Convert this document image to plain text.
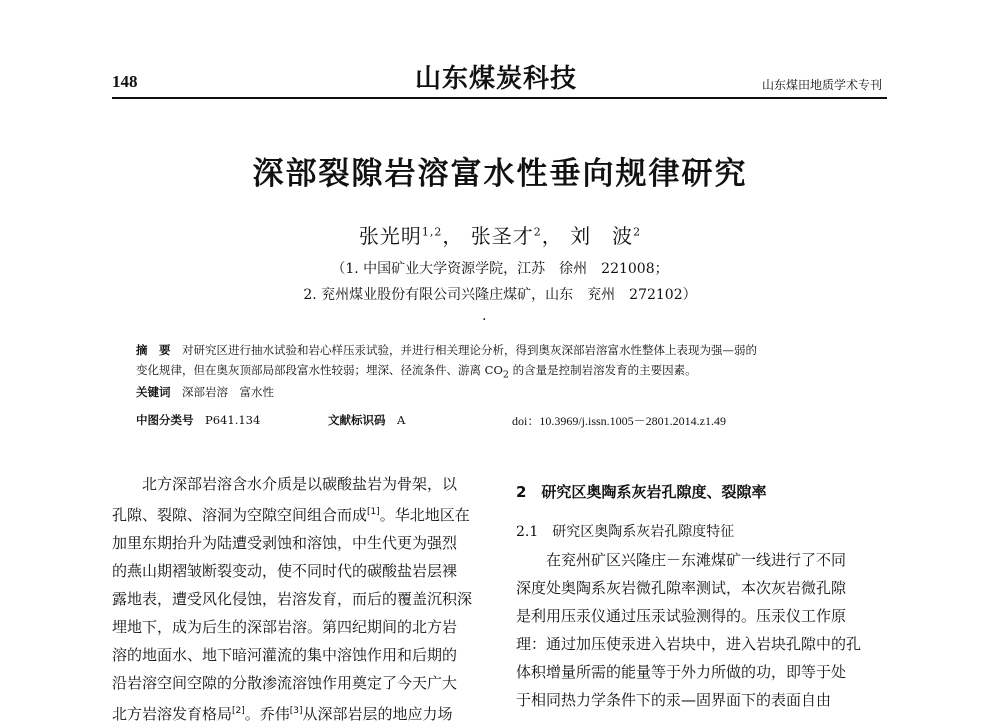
148	山东煤炭科技	山东煤田地质学术专刊
深部裂隙岩溶富水性垂向规律研究
张光明$^{1,2}$， 张圣才$^2$， 刘　波$^2$
（1. 中国矿业大学资源学院，江苏　徐州　221008；
2. 兖州煤业股份有限公司兴隆庄煤矿，山东　兖州　272102）
·
摘　要　 对研究区进行抽水试验和岩心样压汞试验，并进行相关理论分析，得到奥灰深部岩溶富水性整体上表现为强—弱的
变化规律，但在奥灰顶部局部段富水性较弱；埋深、径流条件、游离 $CO_2$ 的含量是控制岩溶发育的主要因素。
关键词　 深部岩溶　富水性
中图分类号　 P641.134	文献标识码　 A	doi：10.3969/j.issn.1005－2801.2014.z1.49

北方深部岩溶含水介质是以碳酸盐岩为骨架，以

孔隙、裂隙、溶洞为空隙空间组合而成[1]。华北地区在

加里东期抬升为陆遭受剥蚀和溶蚀，中生代更为强烈

的燕山期褶皱断裂变动，使不同时代的碳酸盐岩层裸

露地表，遭受风化侵蚀，岩溶发育，而后的覆盖沉积深

埋地下，成为后生的深部岩溶。第四纪期间的北方岩

溶的地面水、地下暗河灌流的集中溶蚀作用和后期的

沿岩溶空间空隙的分散渗流溶蚀作用奠定了今天广大

北方岩溶发育格局[2]。乔伟[3]从深部岩层的地应力场

2　研究区奥陶系灰岩孔隙度、裂隙率

2.1　研究区奥陶系灰岩孔隙度特征

在兖州矿区兴隆庄－东滩煤矿一线进行了不同

深度处奥陶系灰岩微孔隙率测试，本次灰岩微孔隙

是利用压汞仪通过压汞试验测得的。压汞仪工作原

理：通过加压使汞进入岩块中，进入岩块孔隙中的孔

体积增量所需的能量等于外力所做的功，即等于处

于相同热力学条件下的汞—固界面下的表面自由
